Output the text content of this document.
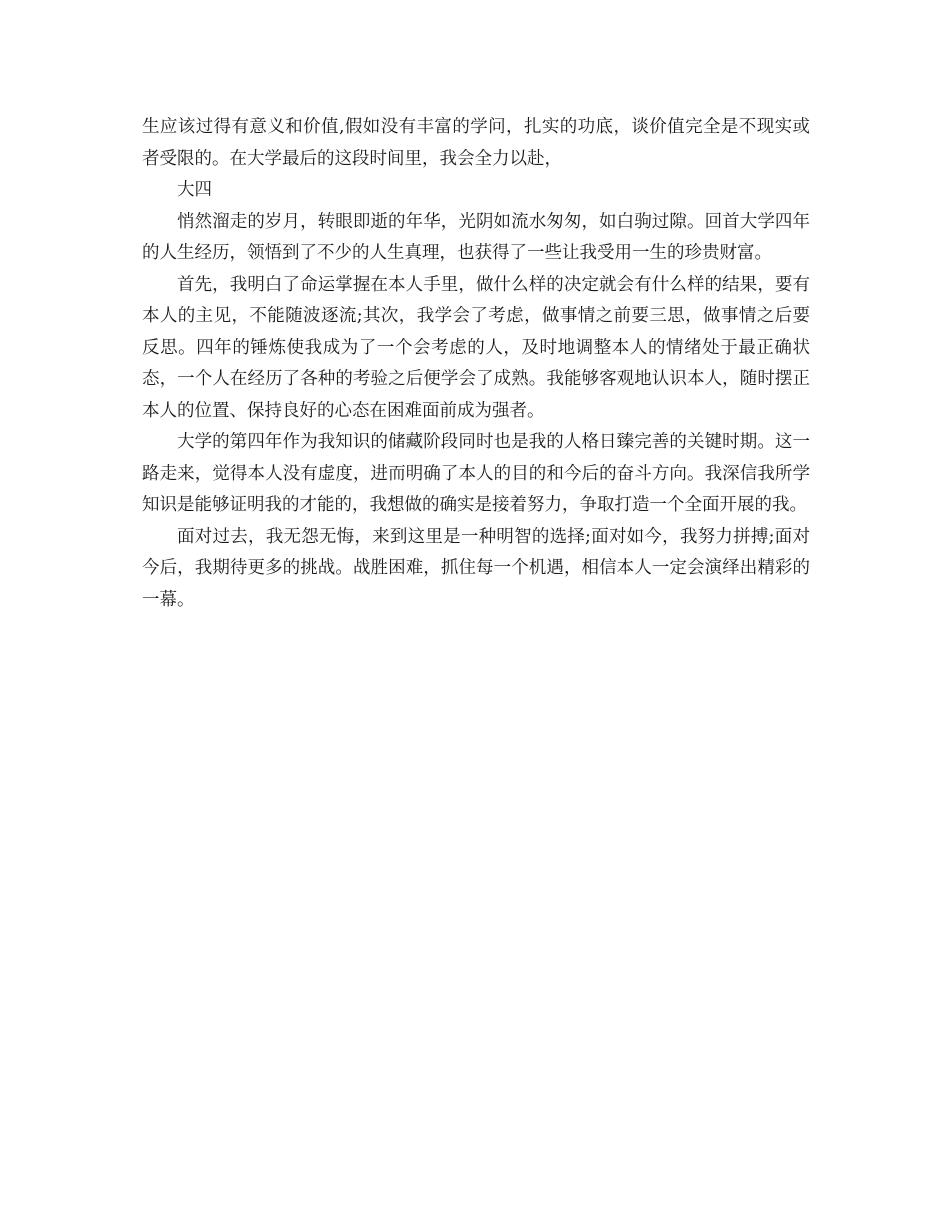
生应该过得有意义和价值,假如没有丰富的学问，扎实的功底，谈价值完全是不现实或者受限的。在大学最后的这段时间里，我会全力以赴，

大四

悄然溜走的岁月，转眼即逝的年华，光阴如流水匆匆，如白驹过隙。回首大学四年的人生经历，领悟到了不少的人生真理，也获得了一些让我受用一生的珍贵财富。

首先，我明白了命运掌握在本人手里，做什么样的决定就会有什么样的结果，要有本人的主见，不能随波逐流;其次，我学会了考虑，做事情之前要三思，做事情之后要反思。四年的锤炼使我成为了一个会考虑的人，及时地调整本人的情绪处于最正确状态，一个人在经历了各种的考验之后便学会了成熟。我能够客观地认识本人，随时摆正本人的位置、保持良好的心态在困难面前成为强者。

大学的第四年作为我知识的储藏阶段同时也是我的人格日臻完善的关键时期。这一路走来，觉得本人没有虚度，进而明确了本人的目的和今后的奋斗方向。我深信我所学知识是能够证明我的才能的，我想做的确实是接着努力，争取打造一个全面开展的我。

面对过去，我无怨无悔，来到这里是一种明智的选择;面对如今，我努力拼搏;面对今后，我期待更多的挑战。战胜困难，抓住每一个机遇，相信本人一定会演绎出精彩的一幕。
